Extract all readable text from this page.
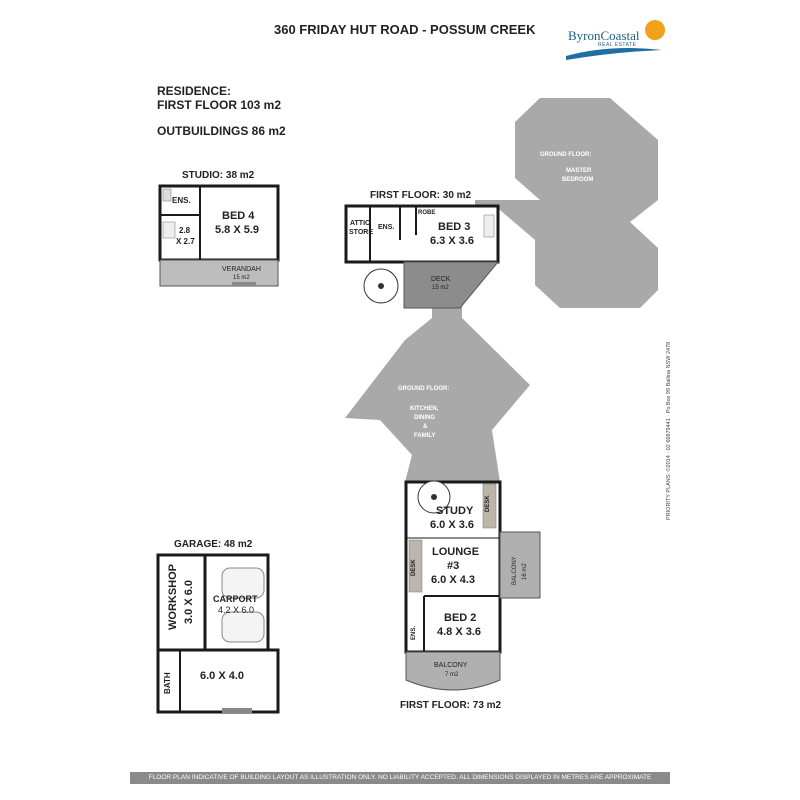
360 FRIDAY HUT ROAD - POSSUM CREEK	ByronCoastal
REAL ESTATE
RESIDENCE:
FIRST FLOOR 103 m2
OUTBUILDINGS 86 m2
STUDIO: 38 m2
ENS.
2.8
X 2.7
BED 4
5.8 X 5.9
VERANDAH
15 m2
FIRST FLOOR: 30 m2
ATTIC
STORE
ENS.
ROBE
BED 3
6.3 X 3.6
DECK
15 m2
GROUND FLOOR:
MASTER
BEDROOM
GROUND FLOOR:
KITCHEN,
DINING
&
FAMILY
STUDY
6.0 X 3.6
DESK
DESK
LOUNGE
#3
6.0 X 4.3	BALCONY 16 m2
ENS.
BED 2
4.8 X 3.6
BALCONY
7 m2
FIRST FLOOR: 73 m2
GARAGE: 48 m2
WORKSHOP 3.0 X 6.0 CARPORT
4.2 X 6.0
BATH	6.0 X 4.0
FLOOR PLAN INDICATIVE OF BUILDING LAYOUT AS ILLUSTRATION ONLY. NO LIABILITY ACCEPTED. ALL DIMENSIONS DISPLAYED IN METRES ARE APPROXIMATE
PRIORITY PLANS: ©2014 · 02 66879441 · Po Box 99 Ballina NSW 2478
